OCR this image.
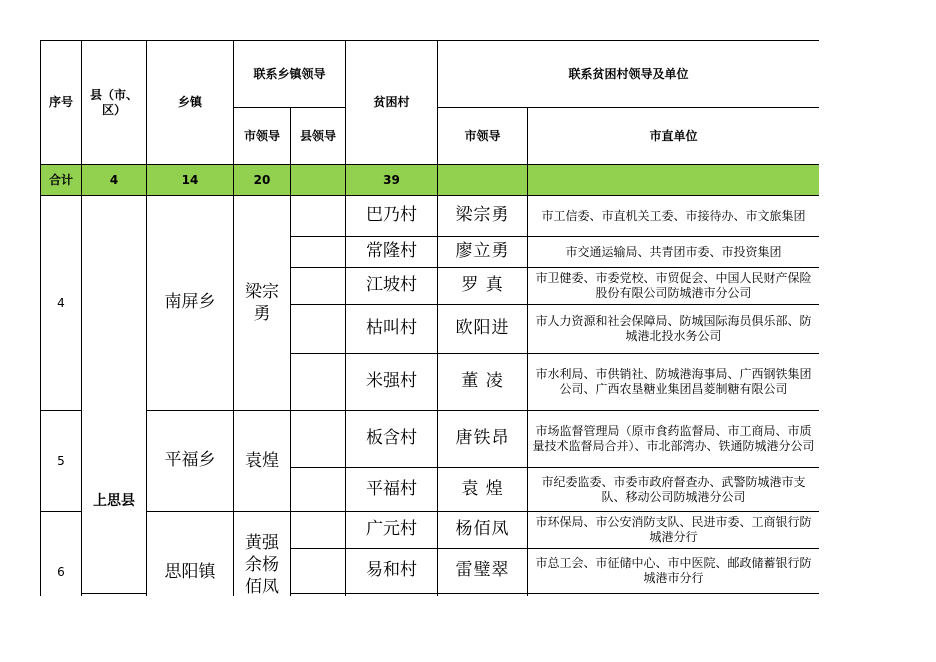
序号	县（市、区）	乡镇	联系乡镇领导		贫困村	联系贫困村领导及单位	
			市领导	县领导		市领导	市直单位
合计	4	14	20		39		
4		南屏乡	梁宗勇		巴乃村	梁宗勇	市工信委、市直机关工委、市接待办、市文旅集团
					常隆村	廖立勇	市交通运输局、共青团市委、市投资集团
					江坡村	罗 真	市卫健委、市委党校、市贸促会、中国人民财产保险股份有限公司防城港市分公司
					枯叫村	欧阳进	市人力资源和社会保障局、防城国际海员俱乐部、防城港北投水务公司
					米强村	董 凌	市水利局、市供销社、防城港海事局、广西钢铁集团公司、广西农垦糖业集团昌菱制糖有限公司
5	上思县	平福乡	袁煌		板含村	唐铁昂	市场监督管理局（原市食药监督局、市工商局、市质量技术监督局合并）、市北部湾办、铁通防城港分公司
					平福村	袁 煌	市纪委监委、市委市政府督查办、武警防城港市支队、移动公司防城港分公司
6		思阳镇	黄强余杨佰凤		广元村	杨佰凤	市环保局、市公安消防支队、民进市委、工商银行防城港分行
					易和村	雷璧翠	市总工会、市征储中心、市中医院、邮政储蓄银行防城港市分行
